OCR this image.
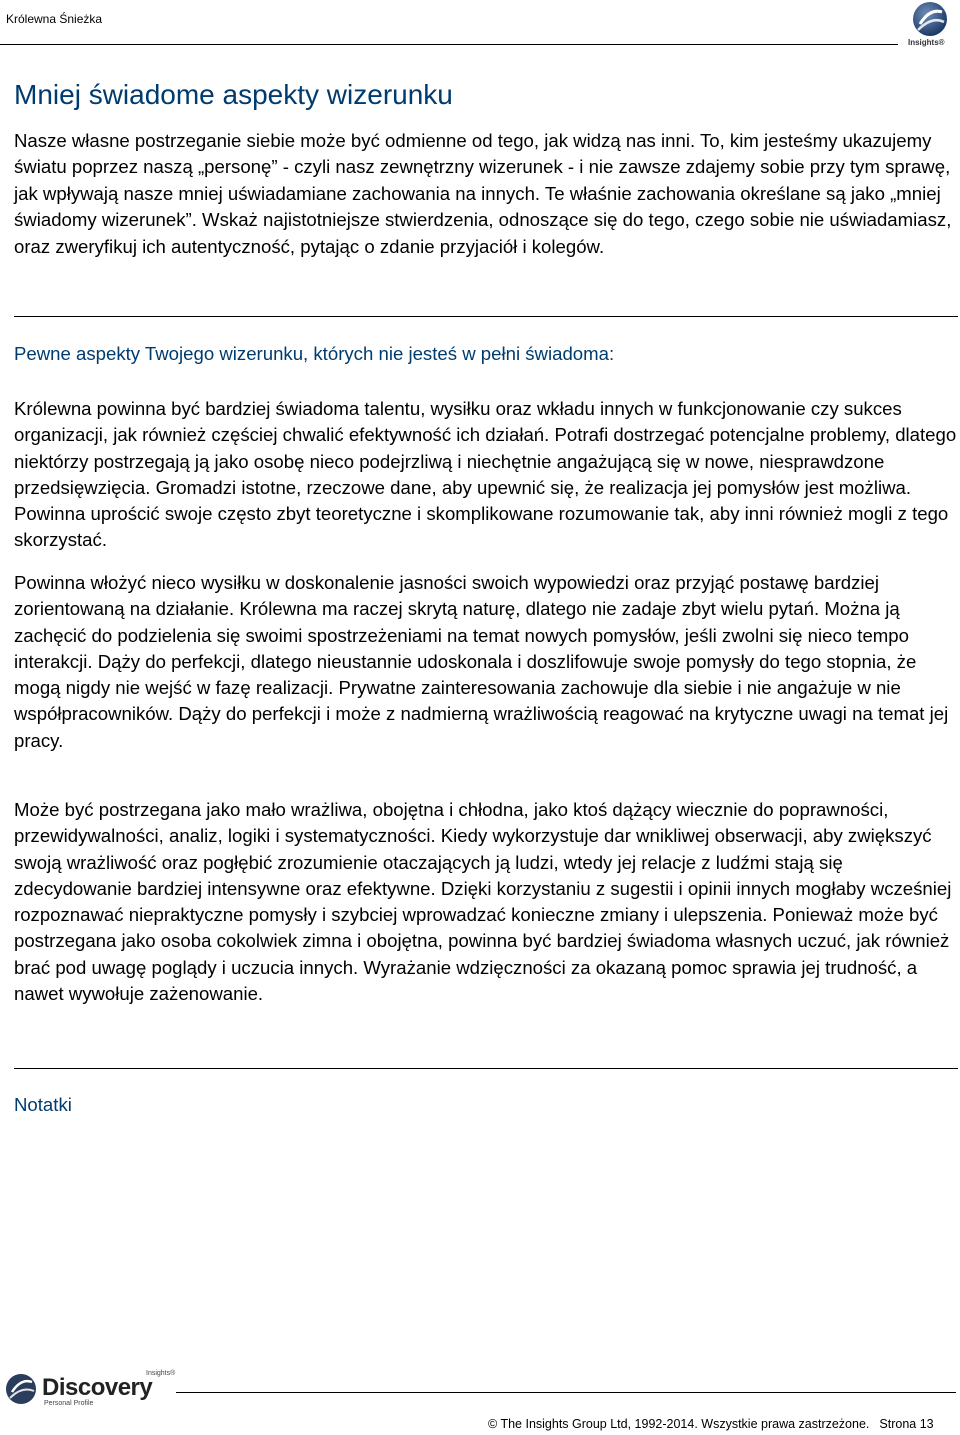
Królewna Śnieżka
Insights®
Mniej świadome aspekty wizerunku

Nasze własne postrzeganie siebie może być odmienne od tego, jak widzą nas inni. To, kim jesteśmy ukazujemy światu poprzez naszą „personę” - czyli nasz zewnętrzny wizerunek - i nie zawsze zdajemy sobie przy tym sprawę, jak wpływają nasze mniej uświadamiane zachowania na innych. Te właśnie zachowania określane są jako „mniej świadomy wizerunek”. Wskaż najistotniejsze stwierdzenia, odnoszące się do tego, czego sobie nie uświadamiasz, oraz zweryfikuj ich autentyczność, pytając o zdanie przyjaciół i kolegów.

Pewne aspekty Twojego wizerunku, których nie jesteś w pełni świadoma:

Królewna powinna być bardziej świadoma talentu, wysiłku oraz wkładu innych w funkcjonowanie czy sukces organizacji, jak również częściej chwalić efektywność ich działań. Potrafi dostrzegać potencjalne problemy, dlatego niektórzy postrzegają ją jako osobę nieco podejrzliwą i niechętnie angażującą się w nowe, niesprawdzone przedsięwzięcia. Gromadzi istotne, rzeczowe dane, aby upewnić się, że realizacja jej pomysłów jest możliwa. Powinna uprościć swoje często zbyt teoretyczne i skomplikowane rozumowanie tak, aby inni również mogli z tego skorzystać.

Powinna włożyć nieco wysiłku w doskonalenie jasności swoich wypowiedzi oraz przyjąć postawę bardziej zorientowaną na działanie. Królewna ma raczej skrytą naturę, dlatego nie zadaje zbyt wielu pytań. Można ją zachęcić do podzielenia się swoimi spostrzeżeniami na temat nowych pomysłów, jeśli zwolni się nieco tempo interakcji. Dąży do perfekcji, dlatego nieustannie udoskonala i doszlifowuje swoje pomysły do tego stopnia, że mogą nigdy nie wejść w fazę realizacji. Prywatne zainteresowania zachowuje dla siebie i nie angażuje w nie współpracowników. Dąży do perfekcji i może z nadmierną wrażliwością reagować na krytyczne uwagi na temat jej pracy.

Może być postrzegana jako mało wrażliwa, obojętna i chłodna, jako ktoś dążący wiecznie do poprawności, przewidywalności, analiz, logiki i systematyczności. Kiedy wykorzystuje dar wnikliwej obserwacji, aby zwiększyć swoją wrażliwość oraz pogłębić zrozumienie otaczających ją ludzi, wtedy jej relacje z ludźmi stają się zdecydowanie bardziej intensywne oraz efektywne. Dzięki korzystaniu z sugestii i opinii innych mogłaby wcześniej rozpoznawać niepraktyczne pomysły i szybciej wprowadzać konieczne zmiany i ulepszenia. Ponieważ może być postrzegana jako osoba cokolwiek zimna i obojętna, powinna być bardziej świadoma własnych uczuć, jak również brać pod uwagę poglądy i uczucia innych. Wyrażanie wdzięczności za okazaną pomoc sprawia jej trudność, a nawet wywołuje zażenowanie.

Notatki
Insights®
Discovery
Personal Profile
© The Insights Group Ltd, 1992-2014. Wszystkie prawa zastrzeżone. Strona 13
